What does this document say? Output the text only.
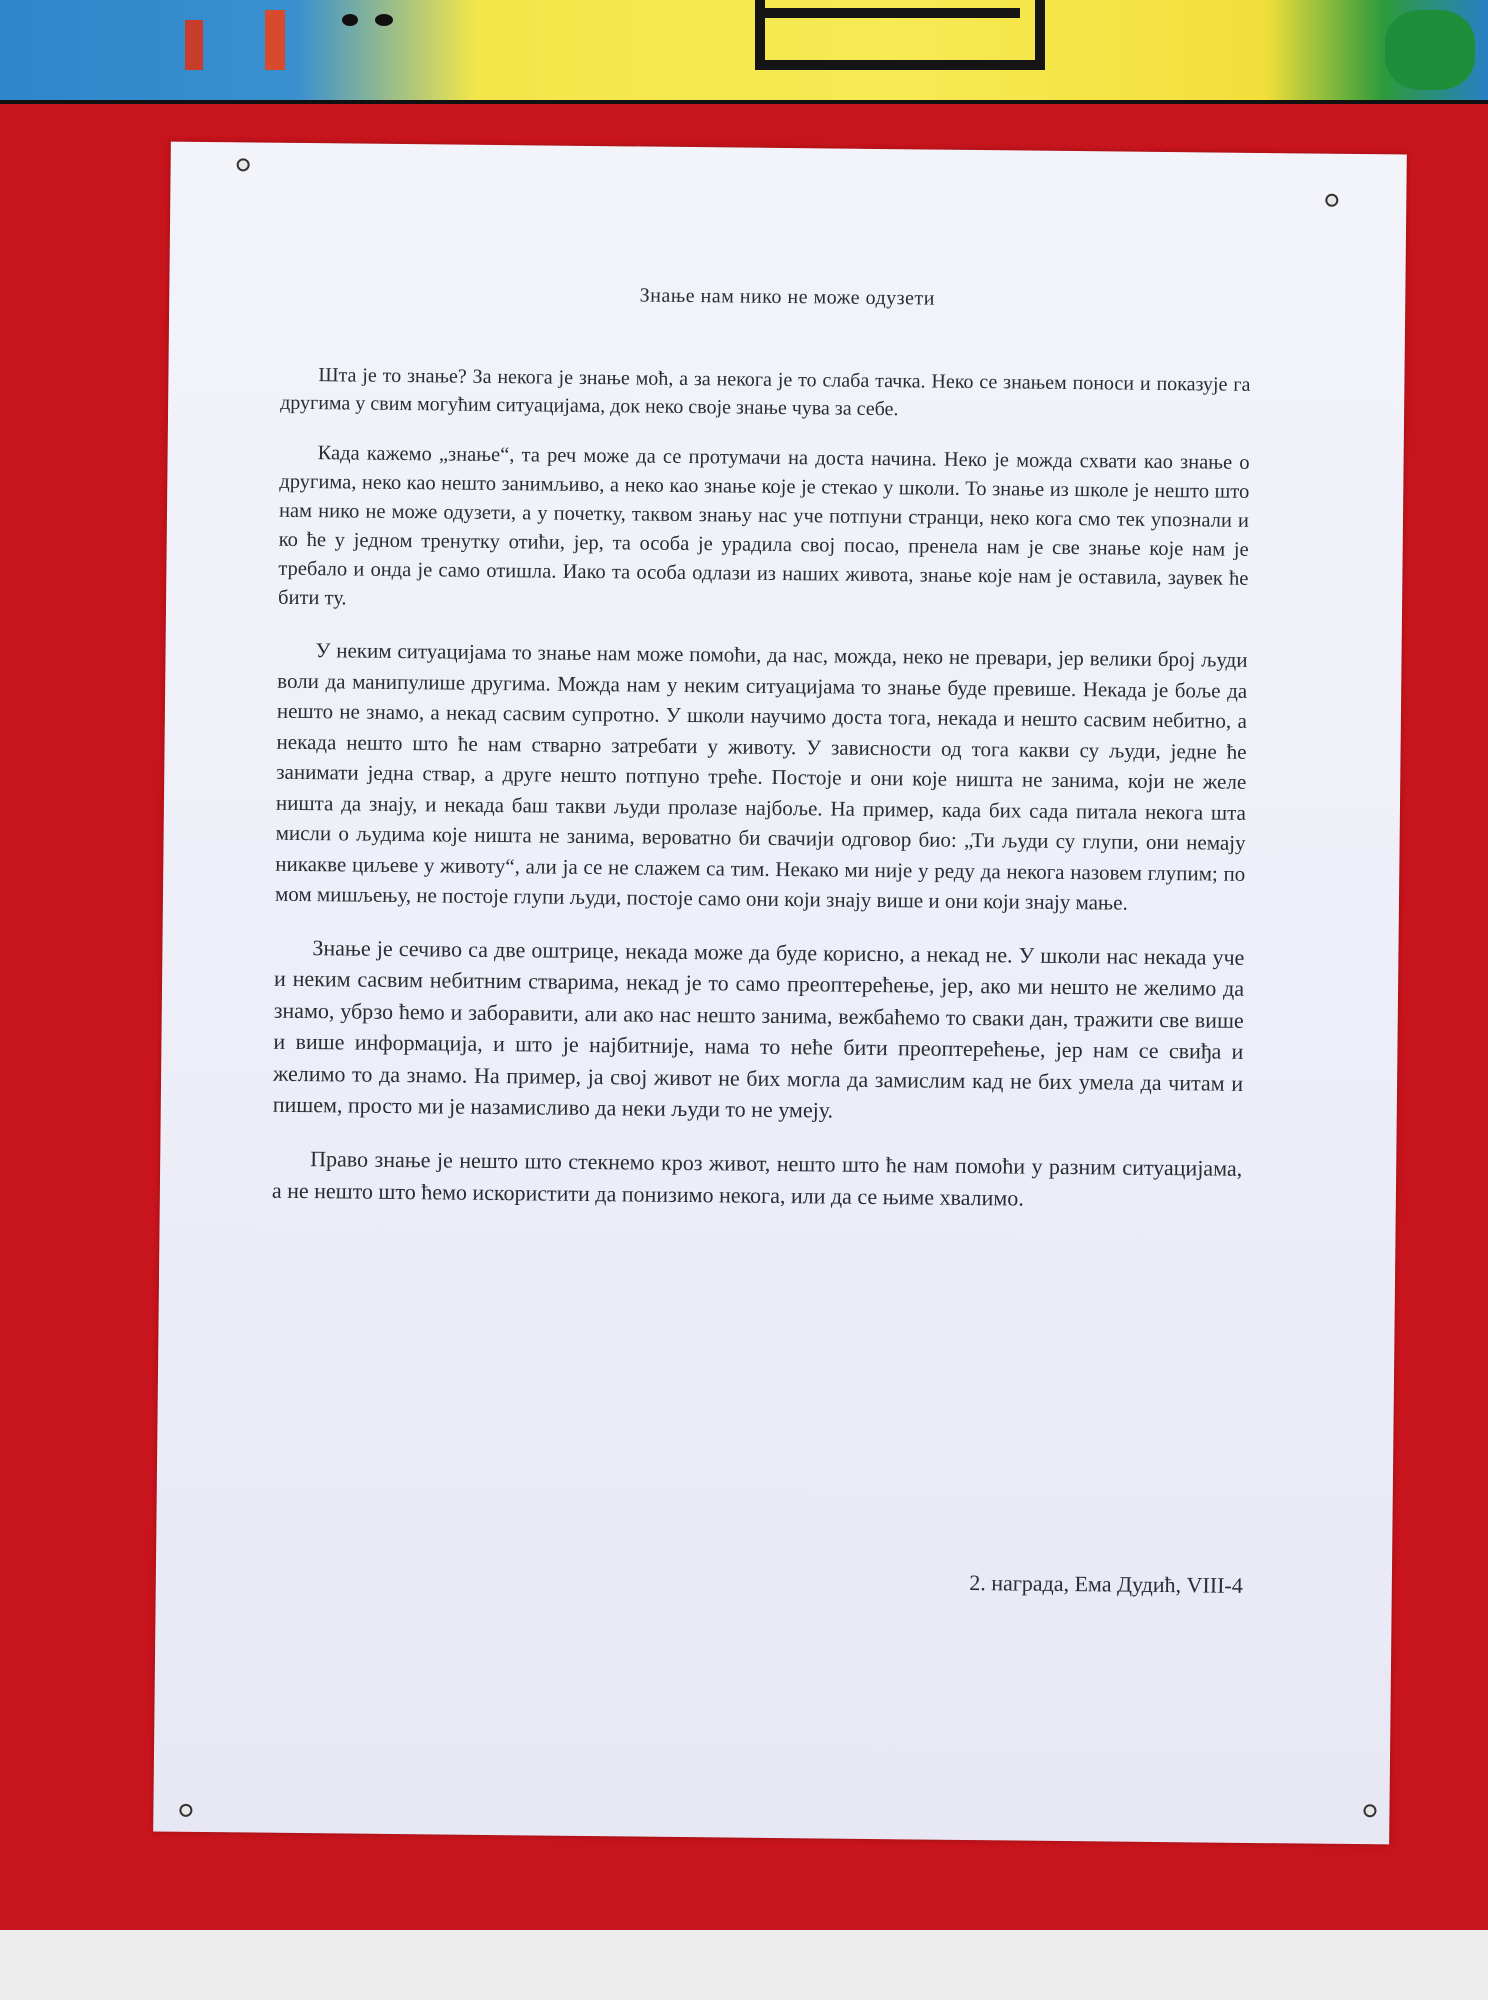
Знање нам нико не може одузети

Шта је то знање? За некога је знање моћ, а за некога је то слаба тачка. Неко се знањем поноси и показује га другима у свим могућим ситуацијама, док неко своје знање чува за себе.

Када кажемо „знање“, та реч може да се протумачи на доста начина. Неко је можда схвати као знање о другима, неко као нешто занимљиво, а неко као знање које је стекао у школи. То знање из школе је нешто што нам нико не може одузети, а у почетку, таквом знању нас уче потпуни странци, неко кога смо тек упознали и ко ће у једном тренутку отићи, јер, та особа је урадила свој посао, пренела нам је све знање које нам је требало и онда је само отишла. Иако та особа одлази из наших живота, знање које нам је оставила, заувек ће бити ту.

У неким ситуацијама то знање нам може помоћи, да нас, можда, неко не превари, јер велики број људи воли да манипулише другима. Можда нам у неким ситуацијама то знање буде превише. Некада је боље да нешто не знамо, а некад сасвим супротно. У школи научимо доста тога, некада и нешто сасвим небитно, а некада нешто што ће нам стварно затребати у животу. У зависности од тога какви су људи, једне ће занимати једна ствар, а друге нешто потпуно треће. Постоје и они које ништа не занима, који не желе ништа да знају, и некада баш такви људи пролазе најбоље. На пример, када бих сада питала некога шта мисли о људима које ништа не занима, вероватно би свачији одговор био: „Ти људи су глупи, они немају никакве циљеве у животу“, али ја се не слажем са тим. Некако ми није у реду да некога назовем глупим; по мом мишљењу, не постоје глупи људи, постоје само они који знају више и они који знају мање.

Знање је сечиво са две оштрице, некада може да буде корисно, а некад не. У школи нас некада уче и неким сасвим небитним стварима, некад је то само преоптерећење, јер, ако ми нешто не желимо да знамо, убрзо ћемо и заборавити, али ако нас нешто занима, вежбаћемо то сваки дан, тражити све више и више информација, и што је најбитније, нама то неће бити преоптерећење, јер нам се свиђа и желимо то да знамо. На пример, ја свој живот не бих могла да замислим кад не бих умела да читам и пишем, просто ми је назамисливо да неки људи то не умеју.

Право знање је нешто што стекнемо кроз живот, нешто што ће нам помоћи у разним ситуацијама, а не нешто што ћемо искористити да понизимо некога, или да се њиме хвалимо.

2. награда, Ема Дудић, VIII-4
